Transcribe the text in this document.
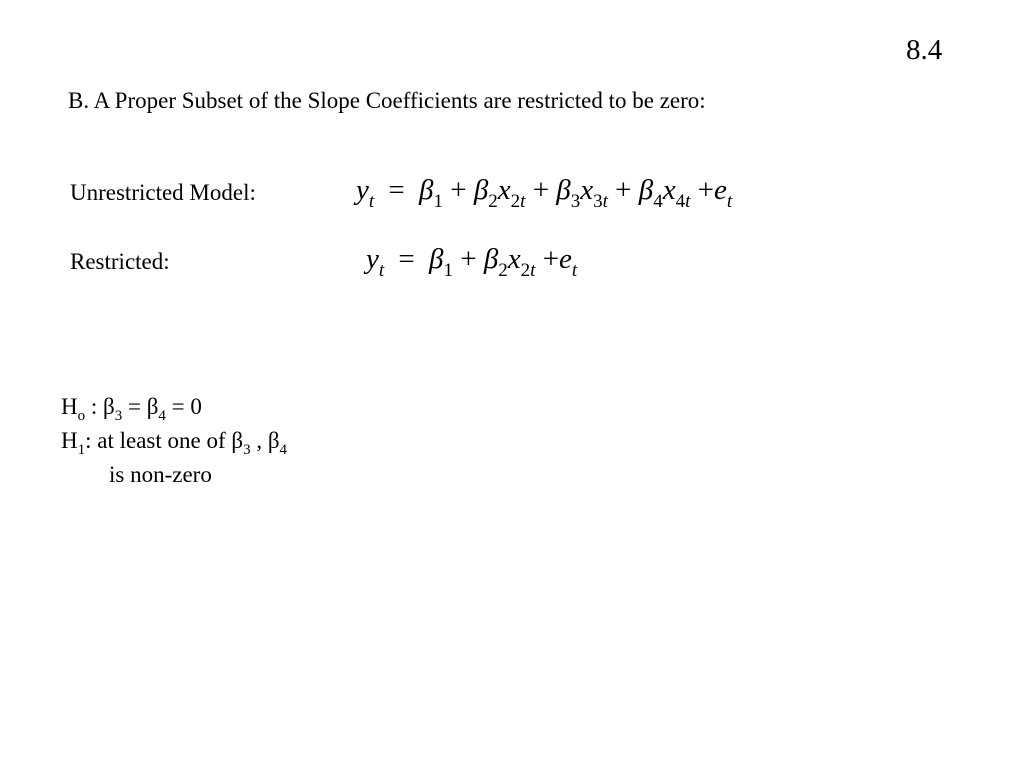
8.4
B. A Proper Subset of the Slope Coefficients are restricted to be zero:
Unrestricted Model:	$y_t = \beta_1 + \beta_2x_{2t} + \beta_3x_{3t} + \beta_4x_{4t} +e_t$
Restricted:	$y_t = \beta_1 + \beta_2x_{2t} +e_t$
$H_o$ : $\beta_3 = \beta_4 = 0$
$H_1$: at least one of $\beta_3$ , $\beta_4$
is non-zero
